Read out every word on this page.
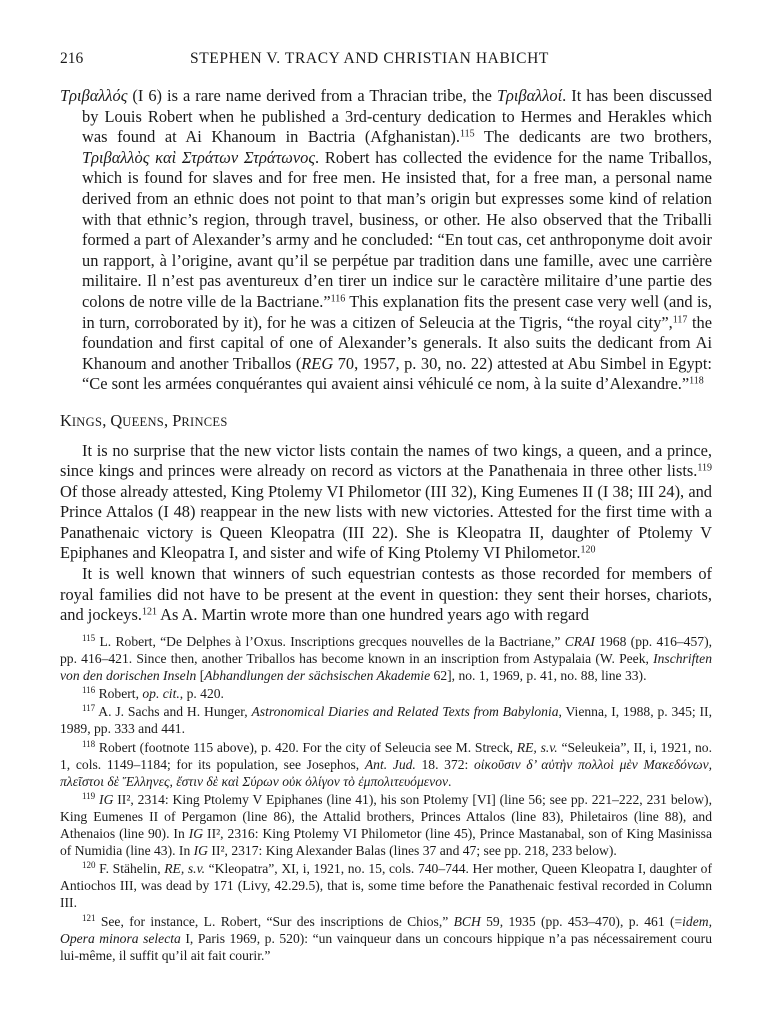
216	STEPHEN V. TRACY AND CHRISTIAN HABICHT

Τριβαλλός (I 6) is a rare name derived from a Thracian tribe, the Τριβαλλοί. It has been discussed by Louis Robert when he published a 3rd-century dedication to Hermes and Herakles which was found at Ai Khanoum in Bactria (Afghanistan).$^{115}$ The dedicants are two brothers, Τριβαλλὸς καὶ Στράτων Στράτωνος. Robert has collected the evidence for the name Triballos, which is found for slaves and for free men. He insisted that, for a free man, a personal name derived from an ethnic does not point to that man’s origin but expresses some kind of relation with that ethnic’s region, through travel, business, or other. He also observed that the Triballi formed a part of Alexander’s army and he concluded: “En tout cas, cet anthroponyme doit avoir un rapport, à l’origine, avant qu’il se perpétue par tradition dans une famille, avec une carrière militaire. Il n’est pas aventureux d’en tirer un indice sur le caractère militaire d’une partie des colons de notre ville de la Bactriane.”$^{116}$ This explanation fits the present case very well (and is, in turn, corroborated by it), for he was a citizen of Seleucia at the Tigris, “the royal city”,$^{117}$ the foundation and first capital of one of Alexander’s generals. It also suits the dedicant from Ai Khanoum and another Triballos (REG 70, 1957, p. 30, no. 22) attested at Abu Simbel in Egypt: “Ce sont les armées conquérantes qui avaient ainsi véhiculé ce nom, à la suite d’Alexandre.”$^{118}$

KINGS, QUEENS, PRINCES

It is no surprise that the new victor lists contain the names of two kings, a queen, and a prince, since kings and princes were already on record as victors at the Panathenaia in three other lists.$^{119}$ Of those already attested, King Ptolemy VI Philometor (III 32), King Eumenes II (I 38; III 24), and Prince Attalos (I 48) reappear in the new lists with new victories. Attested for the first time with a Panathenaic victory is Queen Kleopatra (III 22). She is Kleopatra II, daughter of Ptolemy V Epiphanes and Kleopatra I, and sister and wife of King Ptolemy VI Philometor.$^{120}$

It is well known that winners of such equestrian contests as those recorded for members of royal families did not have to be present at the event in question: they sent their horses, chariots, and jockeys.$^{121}$ As A. Martin wrote more than one hundred years ago with regard

$^{115}$ L. Robert, “De Delphes à l’Oxus. Inscriptions grecques nouvelles de la Bactriane,” CRAI 1968 (pp. 416–457), pp. 416–421. Since then, another Triballos has become known in an inscription from Astypalaia (W. Peek, Inschriften von den dorischen Inseln [Abhandlungen der sächsischen Akademie 62], no. 1, 1969, p. 41, no. 88, line 33).

$^{116}$ Robert, op. cit., p. 420.

$^{117}$ A. J. Sachs and H. Hunger, Astronomical Diaries and Related Texts from Babylonia, Vienna, I, 1988, p. 345; II, 1989, pp. 333 and 441.

$^{118}$ Robert (footnote 115 above), p. 420. For the city of Seleucia see M. Streck, RE, s.v. “Seleukeia”, II, i, 1921, no. 1, cols. 1149–1184; for its population, see Josephos, Ant. Jud. 18. 372: οἰκοῦσιν δ’ αὐτὴν πολλοὶ μὲν Μακεδόνων, πλεῖστοι δὲ Ἕλληνες, ἔστιν δὲ καὶ Σύρων οὐκ ὀλίγον τὸ ἐμπολιτευόμενον.

$^{119}$ IG II², 2314: King Ptolemy V Epiphanes (line 41), his son Ptolemy [VI] (line 56; see pp. 221–222, 231 below), King Eumenes II of Pergamon (line 86), the Attalid brothers, Princes Attalos (line 83), Philetairos (line 88), and Athenaios (line 90). In IG II², 2316: King Ptolemy VI Philometor (line 45), Prince Mastanabal, son of King Masinissa of Numidia (line 43). In IG II², 2317: King Alexander Balas (lines 37 and 47; see pp. 218, 233 below).

$^{120}$ F. Stähelin, RE, s.v. “Kleopatra”, XI, i, 1921, no. 15, cols. 740–744. Her mother, Queen Kleopatra I, daughter of Antiochos III, was dead by 171 (Livy, 42.29.5), that is, some time before the Panathenaic festival recorded in Column III.

$^{121}$ See, for instance, L. Robert, “Sur des inscriptions de Chios,” BCH 59, 1935 (pp. 453–470), p. 461 (=idem, Opera minora selecta I, Paris 1969, p. 520): “un vainqueur dans un concours hippique n’a pas nécessairement couru lui-même, il suffit qu’il ait fait courir.”
